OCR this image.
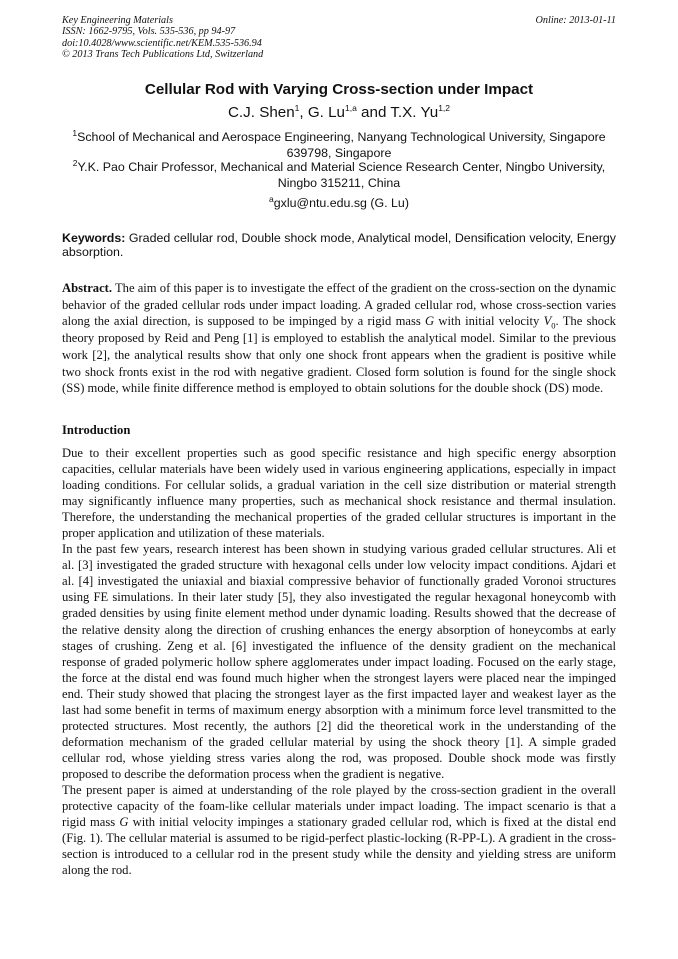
Key Engineering Materials
ISSN: 1662-9795, Vols. 535-536, pp 94-97
doi:10.4028/www.scientific.net/KEM.535-536.94
© 2013 Trans Tech Publications Ltd, Switzerland
Online: 2013-01-11
Cellular Rod with Varying Cross-section under Impact
C.J. Shen$^1$, G. Lu$^{1,a}$ and T.X. Yu$^{1,2}$
$^1$School of Mechanical and Aerospace Engineering, Nanyang Technological University, Singapore 639798, Singapore
$^2$Y.K. Pao Chair Professor, Mechanical and Material Science Research Center, Ningbo University, Ningbo 315211, China
$^a$gxlu@ntu.edu.sg (G. Lu)
Keywords: Graded cellular rod, Double shock mode, Analytical model, Densification velocity, Energy absorption.
Abstract. The aim of this paper is to investigate the effect of the gradient on the cross-section on the dynamic behavior of the graded cellular rods under impact loading. A graded cellular rod, whose cross-section varies along the axial direction, is supposed to be impinged by a rigid mass G with initial velocity $V_0$. The shock theory proposed by Reid and Peng [1] is employed to establish the analytical model. Similar to the previous work [2], the analytical results show that only one shock front appears when the gradient is positive while two shock fronts exist in the rod with negative gradient. Closed form solution is found for the single shock (SS) mode, while finite difference method is employed to obtain solutions for the double shock (DS) mode.
Introduction

Due to their excellent properties such as good specific resistance and high specific energy absorption capacities, cellular materials have been widely used in various engineering applications, especially in impact loading conditions. For cellular solids, a gradual variation in the cell size distribution or material strength may significantly influence many properties, such as mechanical shock resistance and thermal insulation. Therefore, the understanding the mechanical properties of the graded cellular structures is important in the proper application and utilization of these materials.

In the past few years, research interest has been shown in studying various graded cellular structures. Ali et al. [3] investigated the graded structure with hexagonal cells under low velocity impact conditions. Ajdari et al. [4] investigated the uniaxial and biaxial compressive behavior of functionally graded Voronoi structures using FE simulations. In their later study [5], they also investigated the regular hexagonal honeycomb with graded densities by using finite element method under dynamic loading. Results showed that the decrease of the relative density along the direction of crushing enhances the energy absorption of honeycombs at early stages of crushing. Zeng et al. [6] investigated the influence of the density gradient on the mechanical response of graded polymeric hollow sphere agglomerates under impact loading. Focused on the early stage, the force at the distal end was found much higher when the strongest layers were placed near the impinged end. Their study showed that placing the strongest layer as the first impacted layer and weakest layer as the last had some benefit in terms of maximum energy absorption with a minimum force level transmitted to the protected structures. Most recently, the authors [2] did the theoretical work in the understanding of the deformation mechanism of the graded cellular material by using the shock theory [1]. A simple graded cellular rod, whose yielding stress varies along the rod, was proposed. Double shock mode was firstly proposed to describe the deformation process when the gradient is negative.

The present paper is aimed at understanding of the role played by the cross-section gradient in the overall protective capacity of the foam-like cellular materials under impact loading. The impact scenario is that a rigid mass G with initial velocity impinges a stationary graded cellular rod, which is fixed at the distal end (Fig. 1). The cellular material is assumed to be rigid-perfect plastic-locking (R-PP-L). A gradient in the cross-section is introduced to a cellular rod in the present study while the density and yielding stress are uniform along the rod.
